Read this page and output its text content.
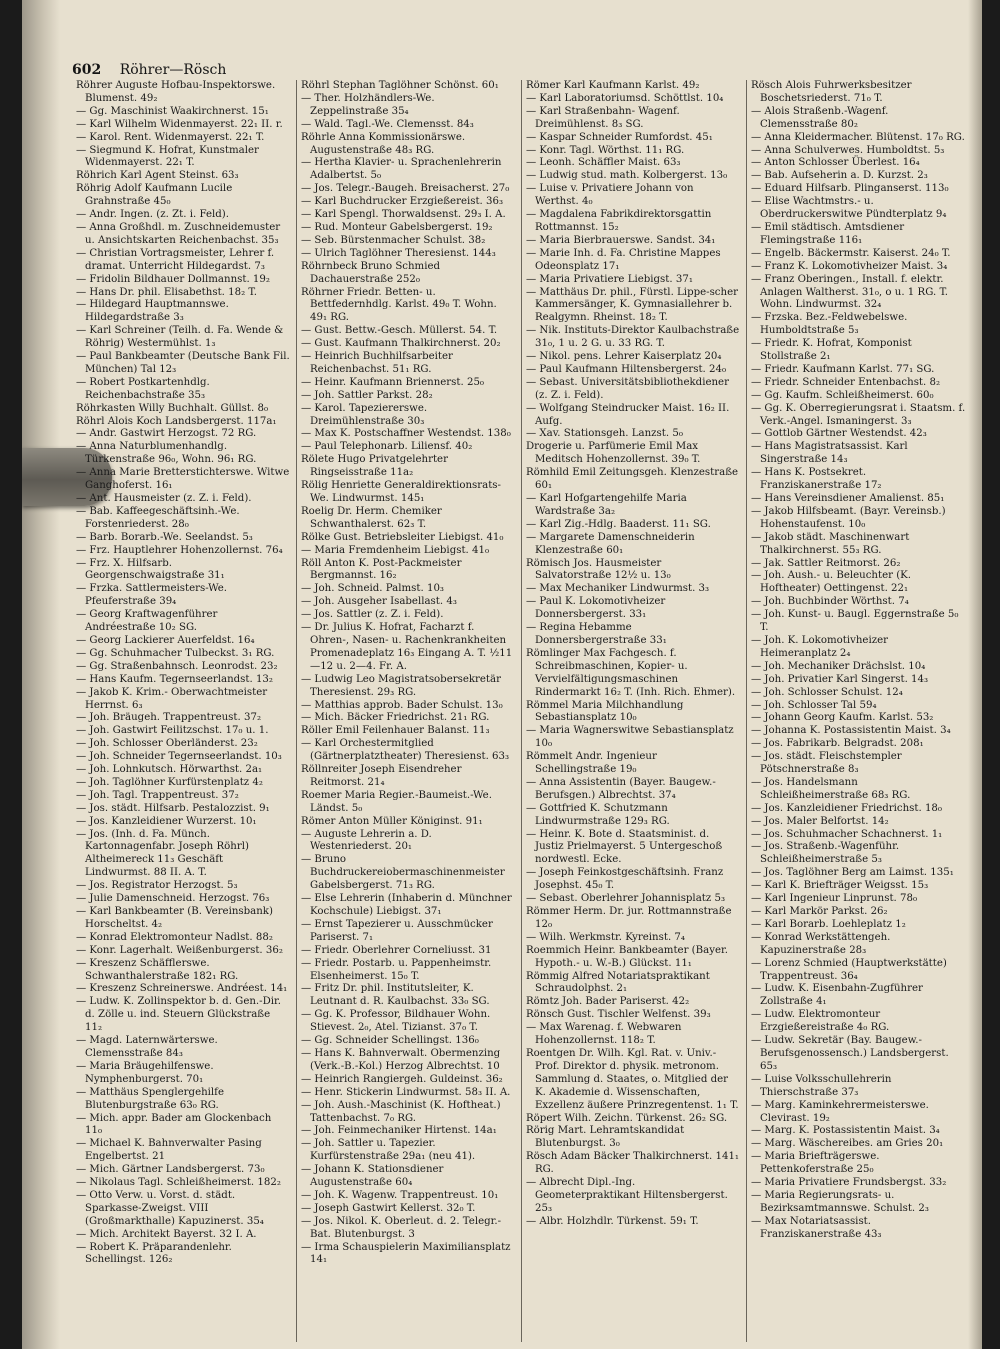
602 Röhrer—Rösch

Röhrer Auguste Hofbau-Inspektorswe. Blumenst. 49₂

— Gg. Maschinist Waakirchnerst. 15₁

— Karl Wilhelm Widenmayerst. 22₁ II. r.

— Karol. Rent. Widenmayerst. 22₁ T.

— Siegmund K. Hofrat, Kunstmaler Widenmayerst. 22₁ T.

Röhrich Karl Agent Steinst. 63₃

Röhrig Adolf Kaufmann Lucile Grahnstraße 45₀

— Andr. Ingen. (z. Zt. i. Feld).

— Anna Großhdl. m. Zuschneidemuster u. Ansichtskarten Reichenbachst. 35₃

— Christian Vortragsmeister, Lehrer f. dramat. Unterricht Hildegardst. 7₃

— Fridolin Bildhauer Dollmannst. 19₂

— Hans Dr. phil. Elisabethst. 18₂ T.

— Hildegard Hauptmannswe. Hildegardstraße 3₃

— Karl Schreiner (Teilh. d. Fa. Wende & Röhrig) Westermühlst. 1₃

— Paul Bankbeamter (Deutsche Bank Fil. München) Tal 12₃

— Robert Postkartenhdlg. Reichenbachstraße 35₃

Röhrkasten Willy Buchhalt. Güllst. 8₀

Röhrl Alois Koch Landsbergerst. 117a₁

— Andr. Gastwirt Herzogst. 72 RG.

— Anna Naturblumenhandlg. Türkenstraße 96₀, Wohn. 96₁ RG.

— Anna Marie Bretterstichterswe. Witwe Ganghoferst. 16₁

— Ant. Hausmeister (z. Z. i. Feld).

— Bab. Kaffeegeschäftsinh.-We. Forstenriederst. 28₀

— Barb. Borarb.-We. Seelandst. 5₃

— Frz. Hauptlehrer Hohenzollernst. 76₄

— Frz. X. Hilfsarb. Georgenschwaigstraße 31₁

— Frzka. Sattlermeisters-We. Pfeuferstraße 39₄

— Georg Kraftwagenführer Andréestraße 10₂ SG.

— Georg Lackierer Auerfeldst. 16₄

— Gg. Schuhmacher Tulbeckst. 3₁ RG.

— Gg. Straßenbahnsch. Leonrodst. 23₂

— Hans Kaufm. Tegernseerlandst. 13₂

— Jakob K. Krim.- Oberwachtmeister Herrnst. 6₃

— Joh. Bräugeh. Trappentreust. 37₂

— Joh. Gastwirt Feilitzschst. 17₀ u. 1.

— Joh. Schlosser Oberländerst. 23₂

— Joh. Schneider Tegernseerlandst. 10₃

— Joh. Lohnkutsch. Hörwarthst. 2a₁

— Joh. Taglöhner Kurfürstenplatz 4₂

— Joh. Tagl. Trappentreust. 37₂

— Jos. städt. Hilfsarb. Pestalozzist. 9₁

— Jos. Kanzleidiener Wurzerst. 10₁

— Jos. (Inh. d. Fa. Münch. Kartonnagenfabr. Joseph Röhrl) Altheimereck 11₃ Geschäft Lindwurmst. 88 II. A. T.

— Jos. Registrator Herzogst. 5₃

— Julie Damenschneid. Herzogst. 76₃

— Karl Bankbeamter (B. Vereinsbank) Horscheltst. 4₂

— Konrad Elektromonteur Nadlst. 88₂

— Konr. Lagerhalt. Weißenburgerst. 36₂

— Kreszenz Schäfflerswe. Schwanthalerstraße 182₁ RG.

— Kreszenz Schreinerswe. Andréest. 14₁

— Ludw. K. Zollinspektor b. d. Gen.-Dir. d. Zölle u. ind. Steuern Glückstraße 11₂

— Magd. Laternwärterswe. Clemensstraße 84₃

— Maria Bräugehilfenswe. Nymphenburgerst. 70₁

— Matthäus Spenglergehilfe Blutenburgstraße 63₀ RG.

— Mich. appr. Bader am Glockenbach 11₀

— Michael K. Bahnverwalter Pasing Engelbertst. 21

— Mich. Gärtner Landsbergerst. 73₀

— Nikolaus Tagl. Schleißheimerst. 182₂

— Otto Verw. u. Vorst. d. städt. Sparkasse-Zweigst. VIII (Großmarkthalle) Kapuzinerst. 35₄

— Mich. Architekt Bayerst. 32 I. A.

— Robert K. Präparandenlehr. Schellingst. 126₂

Röhrl Stephan Taglöhner Schönst. 60₁

— Ther. Holzhändlers-We. Zeppelinstraße 35₄

— Wald. Tagl.-We. Clemensst. 84₃

Röhrle Anna Kommissionärswe. Augustenstraße 48₃ RG.

— Hertha Klavier- u. Sprachenlehrerin Adalbertst. 5₀

— Jos. Telegr.-Baugeh. Breisacherst. 27₀

— Karl Buchdrucker Erzgießereist. 36₃

— Karl Spengl. Thorwaldsenst. 29₃ I. A.

— Rud. Monteur Gabelsbergerst. 19₂

— Seb. Bürstenmacher Schulst. 38₂

— Ulrich Taglöhner Theresienst. 144₃

Röhrnbeck Bruno Schmied Dachauerstraße 252₀

Röhrner Friedr. Betten- u. Bettfedernhdlg. Karlst. 49₀ T. Wohn. 49₁ RG.

— Gust. Bettw.-Gesch. Müllerst. 54. T.

— Gust. Kaufmann Thalkirchnerst. 20₂

— Heinrich Buchhilfsarbeiter Reichenbachst. 51₁ RG.

— Heinr. Kaufmann Briennerst. 25₀

— Joh. Sattler Parkst. 28₂

— Karol. Tapeziererswe. Dreimühlenstraße 30₃

— Max K. Postschaffner Westendst. 138₀

— Paul Telephonarb. Liliensf. 40₂

Rölete Hugo Privatgelehrter Ringseisstraße 11a₂

Rölig Henriette Generaldirektionsrats-We. Lindwurmst. 145₁

Roelig Dr. Herm. Chemiker Schwanthalerst. 62₃ T.

Rölke Gust. Betriebsleiter Liebigst. 41₀

— Maria Fremdenheim Liebigst. 41₀

Röll Anton K. Post-Packmeister Bergmannst. 16₂

— Joh. Schneid. Palmst. 10₃

— Joh. Ausgeher Isabellast. 4₃

— Jos. Sattler (z. Z. i. Feld).

— Dr. Julius K. Hofrat, Facharzt f. Ohren-, Nasen- u. Rachenkrankheiten Promenadeplatz 16₃ Eingang A. T. ½11—12 u. 2—4. Fr. A.

— Ludwig Leo Magistratsobersekretär Theresienst. 29₃ RG.

— Matthias approb. Bader Schulst. 13₀

— Mich. Bäcker Friedrichst. 21₁ RG.

Röller Emil Feilenhauer Balanst. 11₃

— Karl Orchestermitglied (Gärtnerplatztheater) Theresienst. 63₃

Röllnreiter Joseph Eisendreher Reitmorst. 21₄

Roemer Maria Regier.-Baumeist.-We. Ländst. 5₀

Römer Anton Müller Königinst. 91₁

— Auguste Lehrerin a. D. Westenriederst. 20₁

— Bruno Buchdruckereiobermaschinenmeister Gabelsbergerst. 71₃ RG.

— Else Lehrerin (Inhaberin d. Münchner Kochschule) Liebigst. 37₁

— Ernst Tapezierer u. Ausschmücker Pariserst. 7₁

— Friedr. Oberlehrer Corneliusst. 31

— Friedr. Postarb. u. Pappenheimstr. Elsenheimerst. 15₀ T.

— Fritz Dr. phil. Institutsleiter, K. Leutnant d. R. Kaulbachst. 33₀ SG.

— Gg. K. Professor, Bildhauer Wohn. Stievest. 2₀, Atel. Tizianst. 37₀ T.

— Gg. Schneider Schellingst. 136₀

— Hans K. Bahnverwalt. Obermenzing (Verk.-B.-Kol.) Herzog Albrechtst. 10

— Heinrich Rangiergeh. Guldeinst. 36₂

— Henr. Stickerin Lindwurmst. 58₃ II. A.

— Joh. Aush.-Maschinist (K. Hoftheat.) Tattenbachst. 7₀ RG.

— Joh. Feinmechaniker Hirtenst. 14a₁

— Joh. Sattler u. Tapezier. Kurfürstenstraße 29a₁ (neu 41).

— Johann K. Stationsdiener Augustenstraße 60₄

— Joh. K. Wagenw. Trappentreust. 10₁

— Joseph Gastwirt Kellerst. 32₀ T.

— Jos. Nikol. K. Oberleut. d. 2. Telegr.-Bat. Blutenburgst. 3

— Irma Schauspielerin Maximiliansplatz 14₁

Römer Karl Kaufmann Karlst. 49₂

— Karl Laboratoriumsd. Schöttlst. 10₄

— Karl Straßenbahn- Wagenf. Dreimühlenst. 8₃ SG.

— Kaspar Schneider Rumfordst. 45₁

— Konr. Tagl. Wörthst. 11₁ RG.

— Leonh. Schäffler Maist. 63₃

— Ludwig stud. math. Kolbergerst. 13₀

— Luise v. Privatiere Johann von Werthst. 4₀

— Magdalena Fabrikdirektorsgattin Rottmannst. 15₂

— Maria Bierbrauerswe. Sandst. 34₁

— Marie Inh. d. Fa. Christine Mappes Odeonsplatz 17₁

— Maria Privatiere Liebigst. 37₁

— Matthäus Dr. phil., Fürstl. Lippe-scher Kammersänger, K. Gymnasiallehrer b. Realgymn. Rheinst. 18₂ T.

— Nik. Instituts-Direktor Kaulbachstraße 31₀, 1 u. 2 G. u. 33 RG. T.

— Nikol. pens. Lehrer Kaiserplatz 20₄

— Paul Kaufmann Hiltensbergerst. 24₀

— Sebast. Universitätsbibliothekdiener (z. Z. i. Feld).

— Wolfgang Steindrucker Maist. 16₂ II. Aufg.

— Xav. Stationsgeh. Lanzst. 5₀

Drogerie u. Parfümerie Emil Max Meditsch Hohenzollernst. 39₀ T.

Römhild Emil Zeitungsgeh. Klenzestraße 60₁

— Karl Hofgartengehilfe Maria Wardstraße 3a₂

— Karl Zig.-Hdlg. Baaderst. 11₁ SG.

— Margarete Damenschneiderin Klenzestraße 60₁

Römisch Jos. Hausmeister Salvatorstraße 12½ u. 13₀

— Max Mechaniker Lindwurmst. 3₃

— Paul K. Lokomotivheizer Donnersbergerst. 33₁

— Regina Hebamme Donnersbergerstraße 33₁

Römlinger Max Fachgesch. f. Schreibmaschinen, Kopier- u. Vervielfältigungsmaschinen Rindermarkt 16₂ T. (Inh. Rich. Ehmer).

Römmel Maria Milchhandlung Sebastiansplatz 10₀

— Maria Wagnerswitwe Sebastiansplatz 10₀

Römmelt Andr. Ingenieur Schellingstraße 19₀

— Anna Assistentin (Bayer. Baugew.-Berufsgen.) Albrechtst. 37₄

— Gottfried K. Schutzmann Lindwurmstraße 129₃ RG.

— Heinr. K. Bote d. Staatsminist. d. Justiz Prielmayerst. 5 Untergeschoß nordwestl. Ecke.

— Joseph Feinkostgeschäftsinh. Franz Josephst. 45₀ T.

— Sebast. Oberlehrer Johannisplatz 5₃

Römmer Herm. Dr. jur. Rottmannstraße 12₀

— Wilh. Werkmstr. Kyreinst. 7₄

Roemmich Heinr. Bankbeamter (Bayer. Hypoth.- u. W.-B.) Glückst. 11₁

Römmig Alfred Notariatspraktikant Schraudolphst. 2₁

Römtz Joh. Bader Pariserst. 42₂

Rönsch Gust. Tischler Welfenst. 39₃

— Max Warenag. f. Webwaren Hohenzollernst. 118₂ T.

Roentgen Dr. Wilh. Kgl. Rat. v. Univ.-Prof. Direktor d. physik. metronom. Sammlung d. Staates, o. Mitglied der K. Akademie d. Wissenschaften, Exzellenz äußere Prinzregentenst. 1₁ T.

Röpert Wilh. Zeichn. Türkenst. 26₂ SG.

Rörig Mart. Lehramtskandidat Blutenburgst. 3₀

Rösch Adam Bäcker Thalkirchnerst. 141₁ RG.

— Albrecht Dipl.-Ing. Geometerpraktikant Hiltensbergerst. 25₃

— Albr. Holzhdlr. Türkenst. 59₁ T.

Rösch Alois Fuhrwerksbesitzer Boschetsriederst. 71₀ T.

— Alois Straßenb.-Wagenf. Clemensstraße 80₂

— Anna Kleidermacher. Blütenst. 17₀ RG.

— Anna Schulverwes. Humboldtst. 5₃

— Anton Schlosser Überlest. 16₄

— Bab. Aufseherin a. D. Kurzst. 2₃

— Eduard Hilfsarb. Plinganserst. 113₀

— Elise Wachtmstrs.- u. Oberdruckerswitwe Pündterplatz 9₄

— Emil städtisch. Amtsdiener Flemingstraße 116₁

— Engelb. Bäckermstr. Kaiserst. 24₀ T.

— Franz K. Lokomotivheizer Maist. 3₄

— Franz Oberingen., Install. f. elektr. Anlagen Waltherst. 31₀, o u. 1 RG. T. Wohn. Lindwurmst. 32₄

— Frzska. Bez.-Feldwebelswe. Humboldtstraße 5₃

— Friedr. K. Hofrat, Komponist Stollstraße 2₁

— Friedr. Kaufmann Karlst. 77₁ SG.

— Friedr. Schneider Entenbachst. 8₂

— Gg. Kaufm. Schleißheimerst. 60₀

— Gg. K. Oberregierungsrat i. Staatsm. f. Verk.-Angel. Ismaningerst. 3₃

— Gottlob Gärtner Westendst. 42₃

— Hans Magistratsassist. Karl Singerstraße 14₃

— Hans K. Postsekret. Franziskanerstraße 17₂

— Hans Vereinsdiener Amalienst. 85₁

— Jakob Hilfsbeamt. (Bayr. Vereinsb.) Hohenstaufenst. 10₀

— Jakob städt. Maschinenwart Thalkirchnerst. 55₃ RG.

— Jak. Sattler Reitmorst. 26₂

— Joh. Aush.- u. Beleuchter (K. Hoftheater) Oettingenst. 22₁

— Joh. Buchbinder Wörthst. 7₄

— Joh. Kunst- u. Baugl. Eggernstraße 5₀ T.

— Joh. K. Lokomotivheizer Heimeranplatz 2₄

— Joh. Mechaniker Drächslst. 10₄

— Joh. Privatier Karl Singerst. 14₃

— Joh. Schlosser Schulst. 12₄

— Joh. Schlosser Tal 59₄

— Johann Georg Kaufm. Karlst. 53₂

— Johanna K. Postassistentin Maist. 3₄

— Jos. Fabrikarb. Belgradst. 208₁

— Jos. städt. Fleischstempler Pötschnerstraße 8₃

— Jos. Handelsmann Schleißheimerstraße 68₃ RG.

— Jos. Kanzleidiener Friedrichst. 18₀

— Jos. Maler Belfortst. 14₂

— Jos. Schuhmacher Schachnerst. 1₁

— Jos. Straßenb.-Wagenführ. Schleißheimerstraße 5₃

— Jos. Taglöhner Berg am Laimst. 135₁

— Karl K. Briefträger Weigsst. 15₃

— Karl Ingenieur Linprunst. 78₀

— Karl Markör Parkst. 26₂

— Karl Borarb. Loehleplatz 1₂

— Konrad Werkstättengeh. Kapuzinerstraße 28₃

— Lorenz Schmied (Hauptwerkstätte) Trappentreust. 36₄

— Ludw. K. Eisenbahn-Zugführer Zollstraße 4₁

— Ludw. Elektromonteur Erzgießereistraße 4₀ RG.

— Ludw. Sekretär (Bay. Baugew.-Berufsgenossensch.) Landsbergerst. 65₃

— Luise Volksschullehrerin Thierschstraße 37₃

— Marg. Kaminkehrermeisterswe. Clevirast. 19₂

— Marg. K. Postassistentin Maist. 3₄

— Marg. Wäschereibes. am Gries 20₁

— Maria Briefträgerswe. Pettenkoferstraße 25₀

— Maria Privatiere Frundsbergst. 33₂

— Maria Regierungsrats- u. Bezirksamtmannswe. Schulst. 2₃

— Max Notariatsassist. Franziskanerstraße 43₃
